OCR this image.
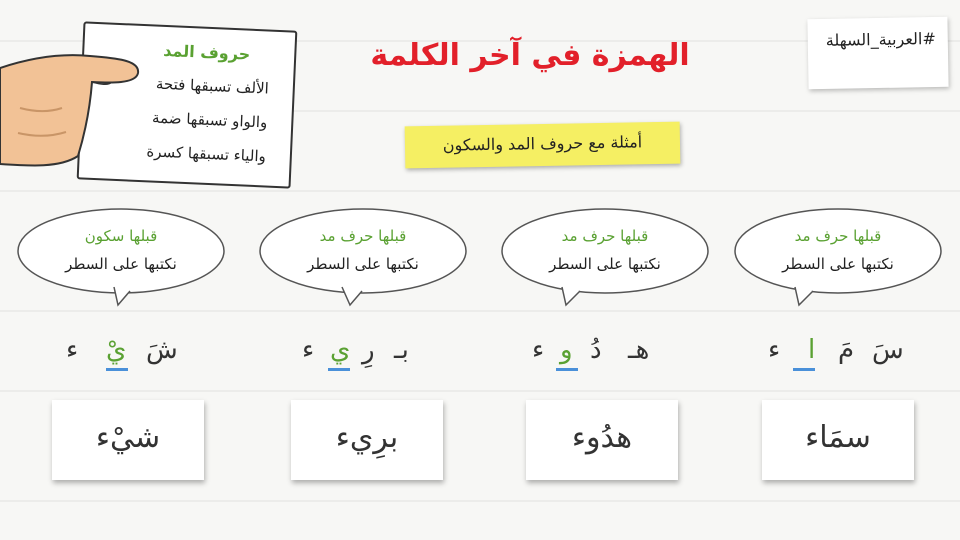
#العربية_السهلة
الهمزة في آخر الكلمة
أمثلة مع حروف المد والسكون
حروف المد
الألف تسبقها فتحة
والواو تسبقها ضمة
والياء تسبقها كسرة
قبلها حرف مد
نكتبها على السطر
سَ
مَ
ا
ء
سمَاء
قبلها حرف مد
نكتبها على السطر
هـ
دُ
و
ء
هدُوء
قبلها حرف مد
نكتبها على السطر
بـ
رِ
ي
ء
برِيء
قبلها سكون
نكتبها على السطر
شَ
يْ
ء
شيْء
